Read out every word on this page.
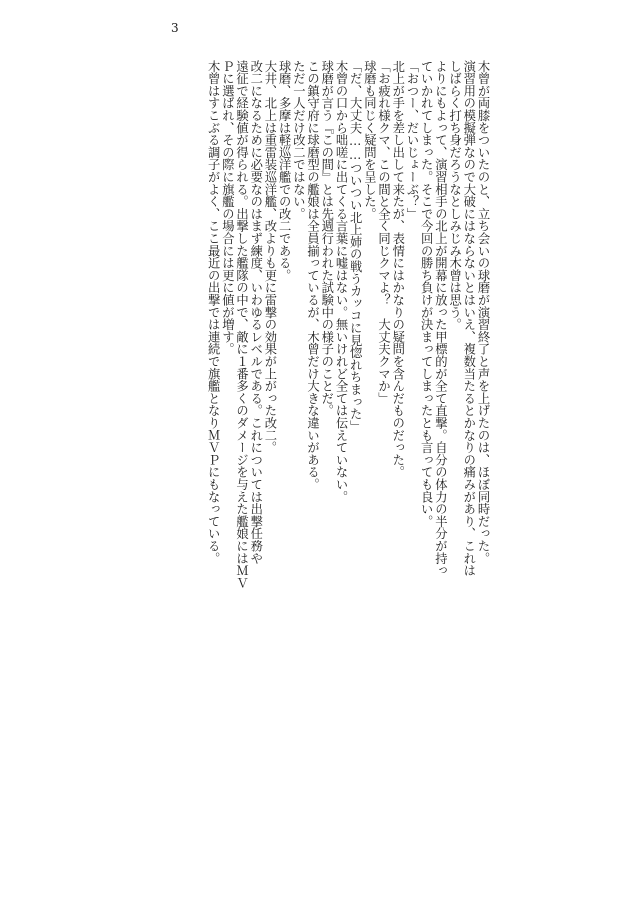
3
木曾が両膝をついたのと、立ち会いの球磨が演習終了と声を上げたのは、ほぼ同時だった。
演習用の模擬弾なので大破にはならないとはいえ、複数当たるとかなりの痛みがあり、これは
しばらく打ち身だろうなとしみじみ木曾は思う。
よりにもよって、演習相手の北上が開幕に放った甲標的が全て直撃。自分の体力の半分が持っ
ていかれてしまった。そこで今回の勝ち負けが決まってしまったとも言っても良い。
「おつー、だいじょーぶ？」
北上が手を差し出して来たが、表情にはかなりの疑問を含んだものだった。
「お疲れ様クマ、この間と全く同じクマよ？　大丈夫クマか」
球磨も同じく疑問を呈した。
「だ、大丈夫……ついつい北上姉の戦うカッコに見惚れちまった」
木曾の口から咄嗟に出てくる言葉に嘘はない。無いけれど全ては伝えていない。
球磨が言う『この間』とは先週行われた試験中の様子のことだ。
この鎮守府に球磨型の艦娘は全員揃っているが、木曾だけ大きな違いがある。
ただ一人だけ改二ではない。
球磨、多摩は軽巡洋艦での改二である。
大井、北上は重雷装巡洋艦、改よりも更に雷撃の効果が上がった改二。
改二になるために必要なのはまず練度、いわゆるレベルである。これについては出撃任務や
遠征で経験値が得られる。出撃した艦隊の中で、敵に１番多くのダメージを与えた艦娘にはＭＶ
Ｐに選ばれ、その際に旗艦の場合には更に値が増す。
木曾はすこぶる調子がよく、ここ最近の出撃では連続で旗艦となりＭＶＰにもなっている。
